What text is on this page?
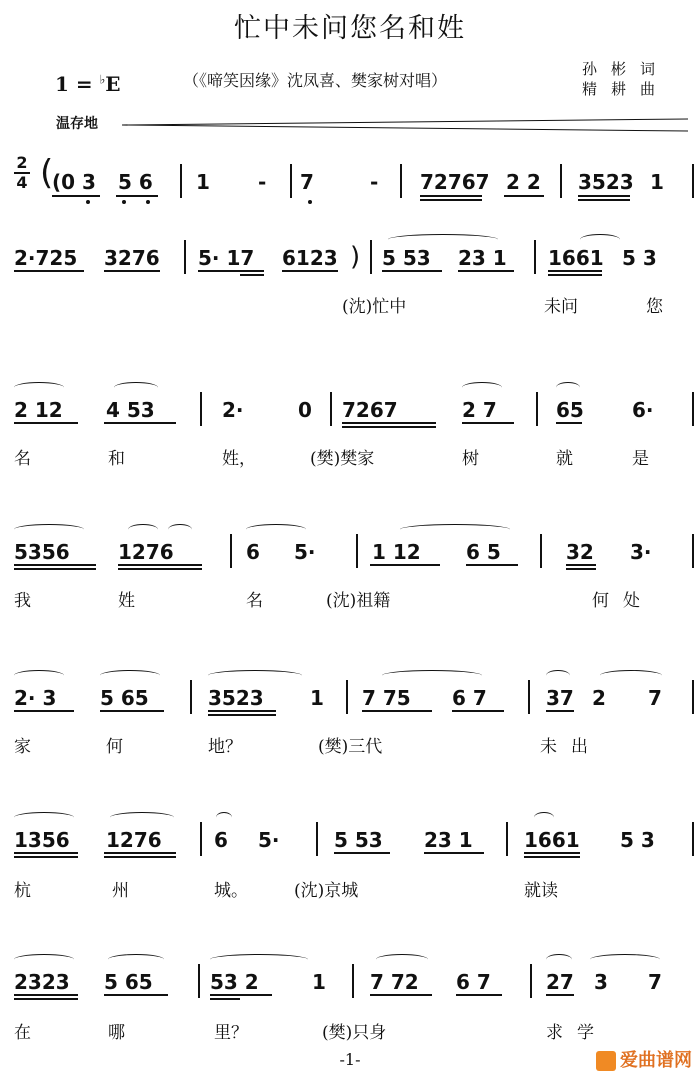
忙中未问您名和姓
1 = ♭E	（《啼笑因缘》沈凤喜、樊家树对唱）
孙彬词
精耕曲
温存地
2
4 (
(0 3 5 6 1 - 7	- 72767 2 2 3523 1
2·725 3276 5· 17 6123 ) 5 53 23 1 1661 5 3
(沈)忙中	未问	您
2 12 4 53	2·	0 7267	2 7	65 6·
名	和	姓，	(樊)樊家	树	就	是
5356 1276	6 5·	1 12 6 5	32 3·
我	姓	名	(沈)祖籍	何处
2· 3 5 65	3523 1 7 75 6 7	37 2 7
家	何	地？	(樊)三代	未出
1356 1276	6 5·	5 53 23 1	1661 5 3
杭	州	城。	(沈)京城	就读
2323 5 65	53 2	1 7 72 6 7	27 3 7
在	哪	里？	(樊)只身	求学
-1-	爱曲谱网
